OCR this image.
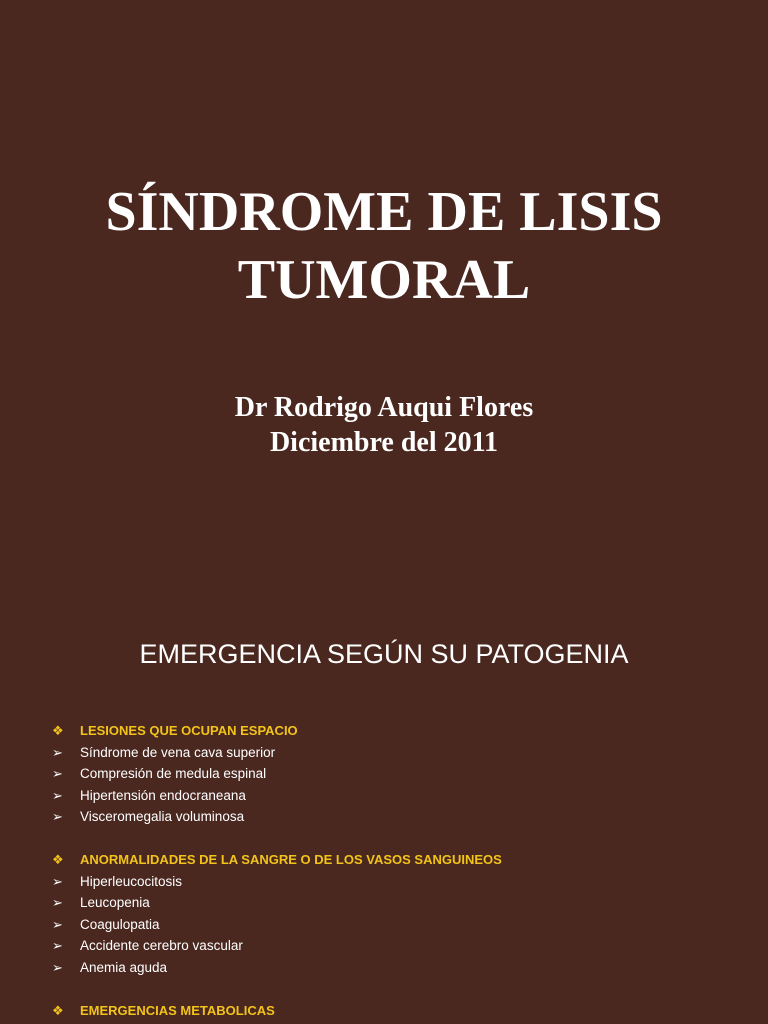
SÍNDROME DE LISIS
TUMORAL
Dr Rodrigo Auqui Flores
Diciembre del 2011
EMERGENCIA SEGÚN SU PATOGENIA
❖ LESIONES QUE OCUPAN ESPACIO
➢ Síndrome de vena cava superior
➢ Compresión de medula espinal
➢ Hipertensión endocraneana
➢ Visceromegalia voluminosa
❖ ANORMALIDADES DE LA SANGRE O DE LOS VASOS SANGUINEOS
➢ Hiperleucocitosis
➢ Leucopenia
➢ Coagulopatia
➢ Accidente cerebro vascular
➢ Anemia aguda
❖ EMERGENCIAS METABOLICAS
